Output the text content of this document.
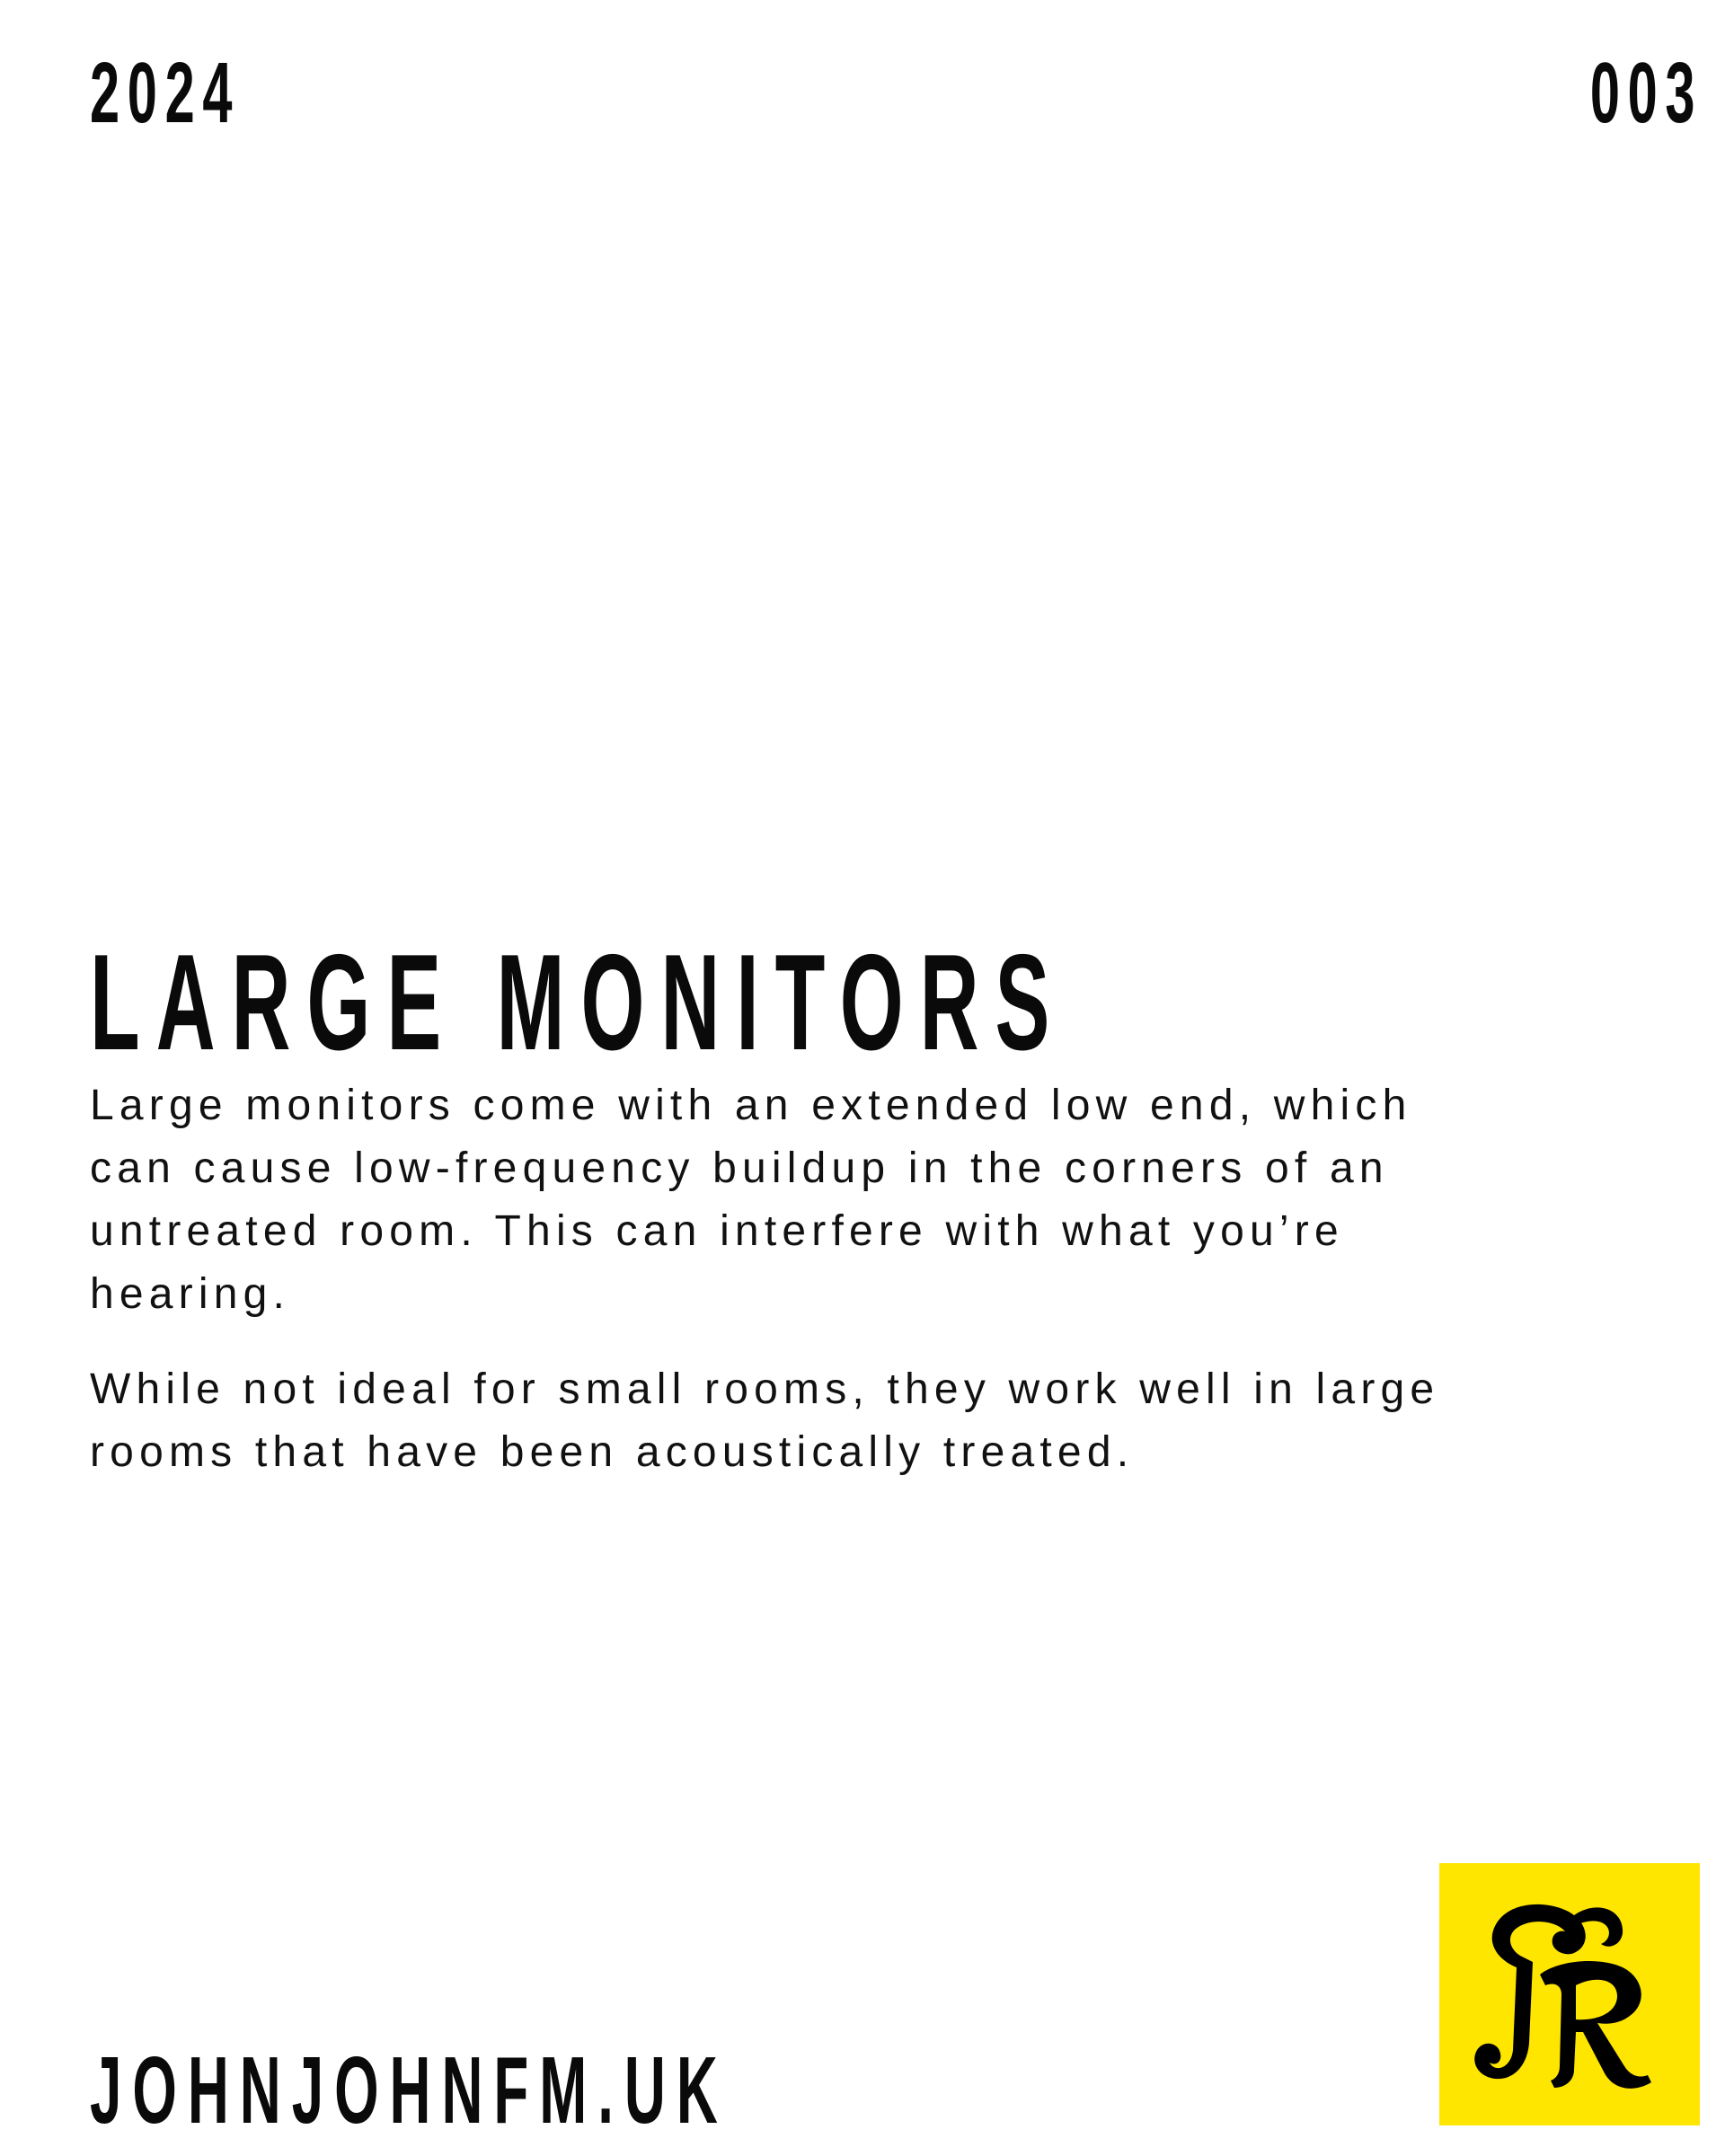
2024	003
LARGE MONITORS

Large monitors come with an extended low end, which can cause low-frequency buildup in the corners of an untreated room. This can interfere with what you’re hearing.

While not ideal for small rooms, they work well in large rooms that have been acoustically treated.

JOHNJOHNFM.UK
